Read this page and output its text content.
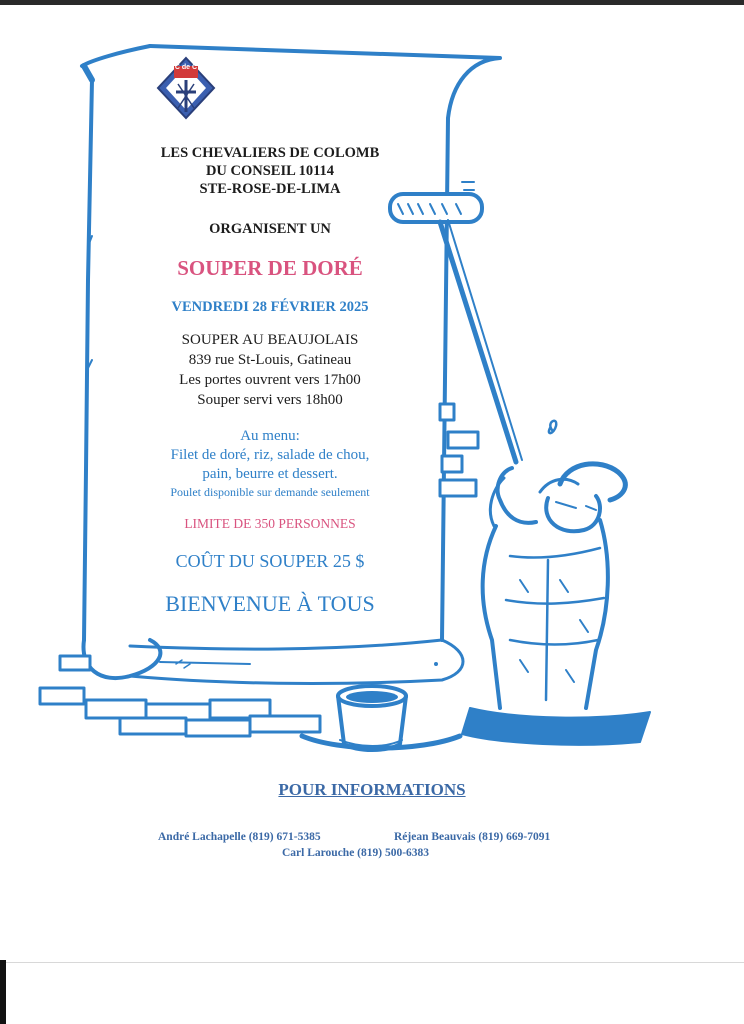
C de C
LES CHEVALIERS DE COLOMB
DU CONSEIL 10114
STE-ROSE-DE-LIMA
ORGANISENT UN
SOUPER DE DORÉ
VENDREDI 28 FÉVRIER 2025
SOUPER AU BEAUJOLAIS
839 rue St-Louis, Gatineau
Les portes ouvrent vers 17h00
Souper servi vers 18h00
Au menu:
Filet de doré, riz, salade de chou,
pain, beurre et dessert.
Poulet disponible sur demande seulement
LIMITE DE 350 PERSONNES
COÛT DU SOUPER 25 $
BIENVENUE À TOUS
POUR INFORMATIONS
André Lachapelle (819) 671-5385	Réjean Beauvais (819) 669-7091
Carl Larouche (819) 500-6383
